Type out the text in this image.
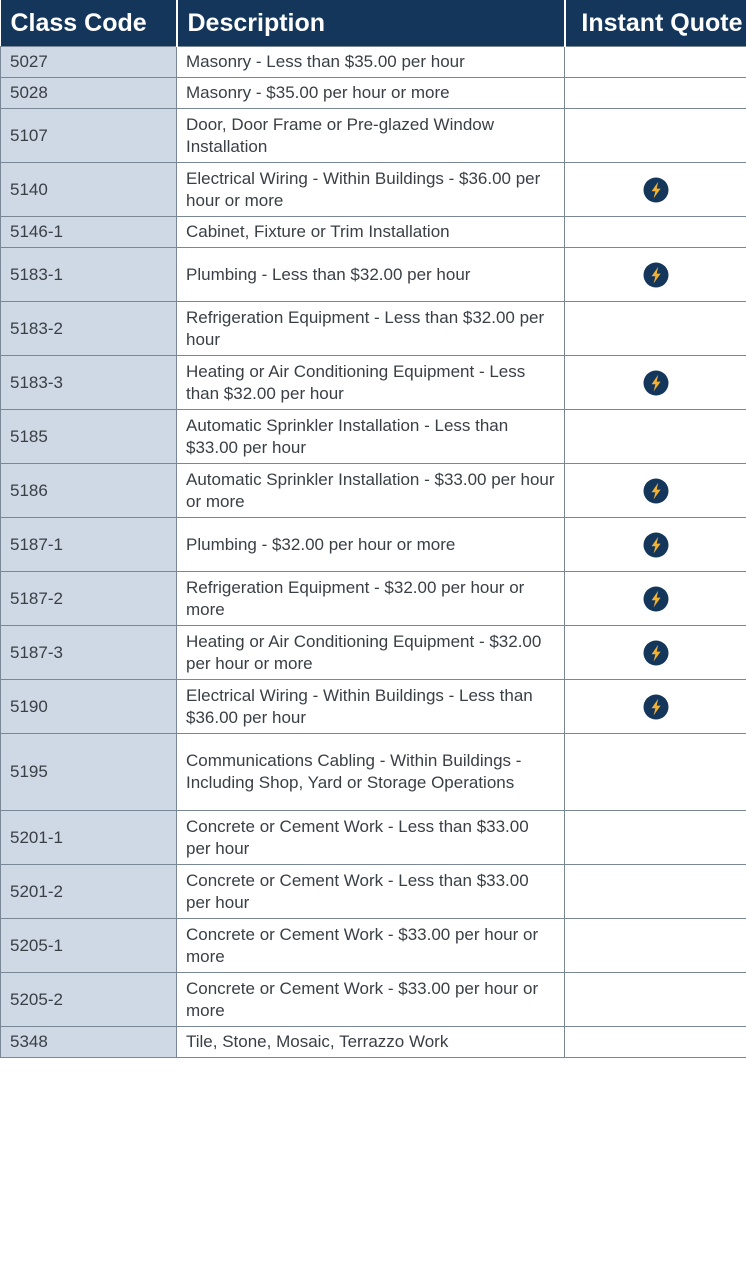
Class Code	Description	Instant Quote
5027	Masonry - Less than $35.00 per hour	
5028	Masonry - $35.00 per hour or more	
5107	Door, Door Frame or Pre-glazed Window Installation	
5140	Electrical Wiring - Within Buildings - $36.00 per hour or more	
5146-1	Cabinet, Fixture or Trim Installation	
5183-1	Plumbing - Less than $32.00 per hour	
5183-2	Refrigeration Equipment - Less than $32.00 per hour	
5183-3	Heating or Air Conditioning Equipment - Less than $32.00 per hour	
5185	Automatic Sprinkler Installation - Less than $33.00 per hour	
5186	Automatic Sprinkler Installation - $33.00 per hour or more	
5187-1	Plumbing - $32.00 per hour or more	
5187-2	Refrigeration Equipment - $32.00 per hour or more	
5187-3	Heating or Air Conditioning Equipment - $32.00 per hour or more	
5190	Electrical Wiring - Within Buildings - Less than $36.00 per hour	
5195	Communications Cabling - Within Buildings - Including Shop, Yard or Storage Operations	
5201-1	Concrete or Cement Work - Less than $33.00 per hour	
5201-2	Concrete or Cement Work - Less than $33.00 per hour	
5205-1	Concrete or Cement Work - $33.00 per hour or more	
5205-2	Concrete or Cement Work - $33.00 per hour or more	
5348	Tile, Stone, Mosaic, Terrazzo Work	
